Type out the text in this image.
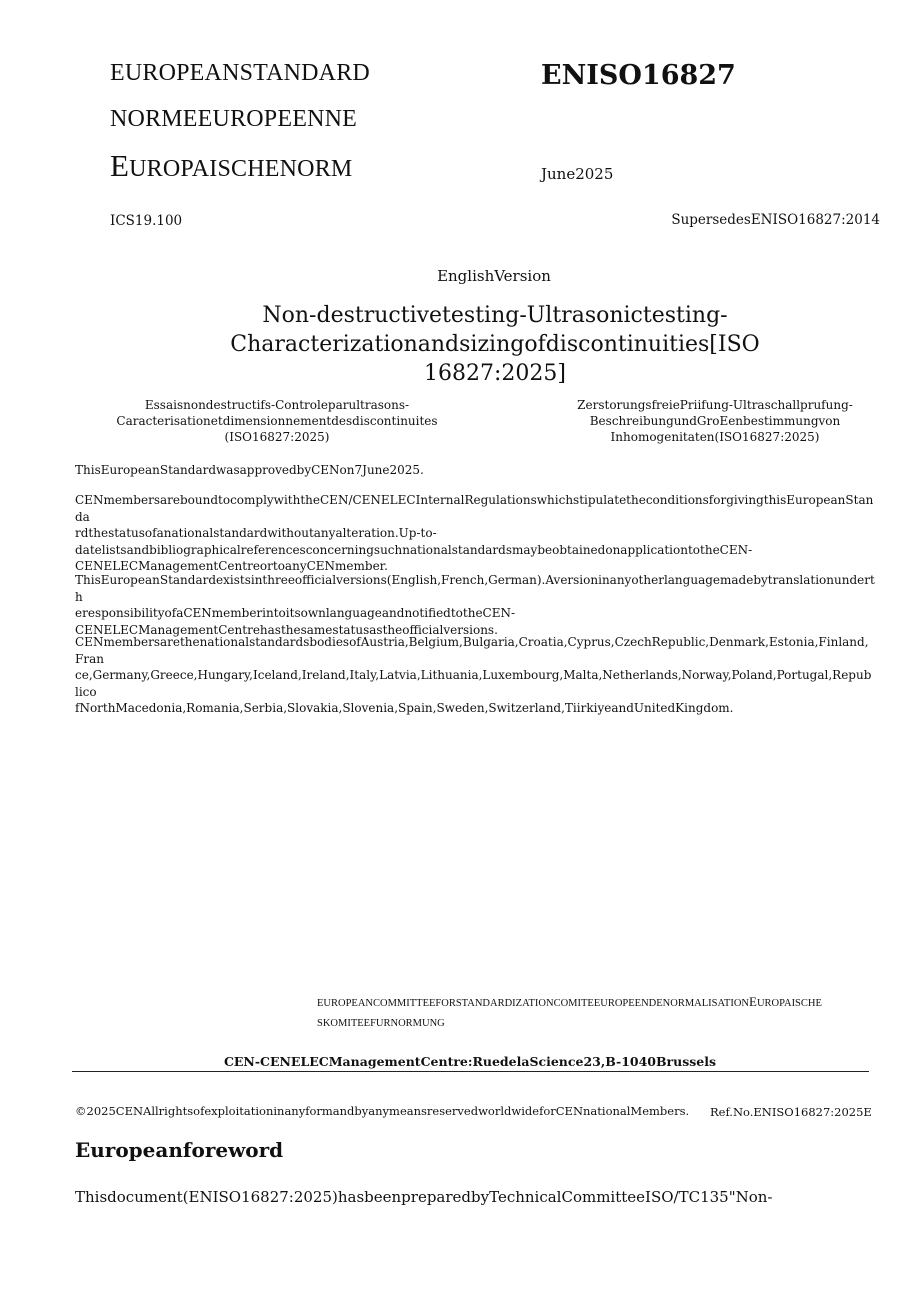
EUROPEANSTANDARD
NORMEEUROPEENNE
EUROPAISCHENORM
ENISO16827
June2025
ICS19.100	SupersedesENISO16827:2014
EnglishVersion
Non-destructivetesting-Ultrasonictesting-
Characterizationandsizingofdiscontinuities[ISO
16827:2025]
Essaisnondestructifs-Controleparultrasons-
Caracterisationetdimensionnementdesdiscontinuites
(ISO16827:2025)
ZerstorungsfreiePriifung-Ultraschallprufung-
BeschreibungundGroEenbestimmungvon
Inhomogenitaten(ISO16827:2025)
ThisEuropeanStandardwasapprovedbyCENon7June2025.
CENmembersareboundtocomplywiththeCEN/CENELECInternalRegulationswhichstipulatetheconditionsforgivingthisEuropeanStanda
rdthestatusofanationalstandardwithoutanyalteration.Up-to-
datelistsandbibliographicalreferencesconcerningsuchnationalstandardsmaybeobtainedonapplicationtotheCEN-
CENELECManagementCentreortoanyCENmember.
ThisEuropeanStandardexistsinthreeofficialversions(English,French,German).Aversioninanyotherlanguagemadebytranslationunderth
eresponsibilityofaCENmemberintoitsownlanguageandnotifiedtotheCEN-
CENELECManagementCentrehasthesamestatusastheofficialversions.
CENmembersarethenationalstandardsbodiesofAustria,Belgium,Bulgaria,Croatia,Cyprus,CzechRepublic,Denmark,Estonia,Finland,Fran
ce,Germany,Greece,Hungary,Iceland,Ireland,Italy,Latvia,Lithuania,Luxembourg,Malta,Netherlands,Norway,Poland,Portugal,Republico
fNorthMacedonia,Romania,Serbia,Slovakia,Slovenia,Spain,Sweden,Switzerland,TiirkiyeandUnitedKingdom.
EUROPEANCOMMITTEEFORSTANDARDIZATIONCOMITEEUROPEENDENORMALISATIONEUROPAISCHE
SKOMITEEFURNORMUNG
CEN-CENELECManagementCentre:RuedelaScience23,B-1040Brussels
©2025CENAllrightsofexploitationinanyformandbyanymeansreservedworldwideforCENnationalMembers. Ref.No.ENISO16827:2025E
Europeanforeword
Thisdocument(ENISO16827:2025)hasbeenpreparedbyTechnicalCommitteeISO/TC135"Non-
